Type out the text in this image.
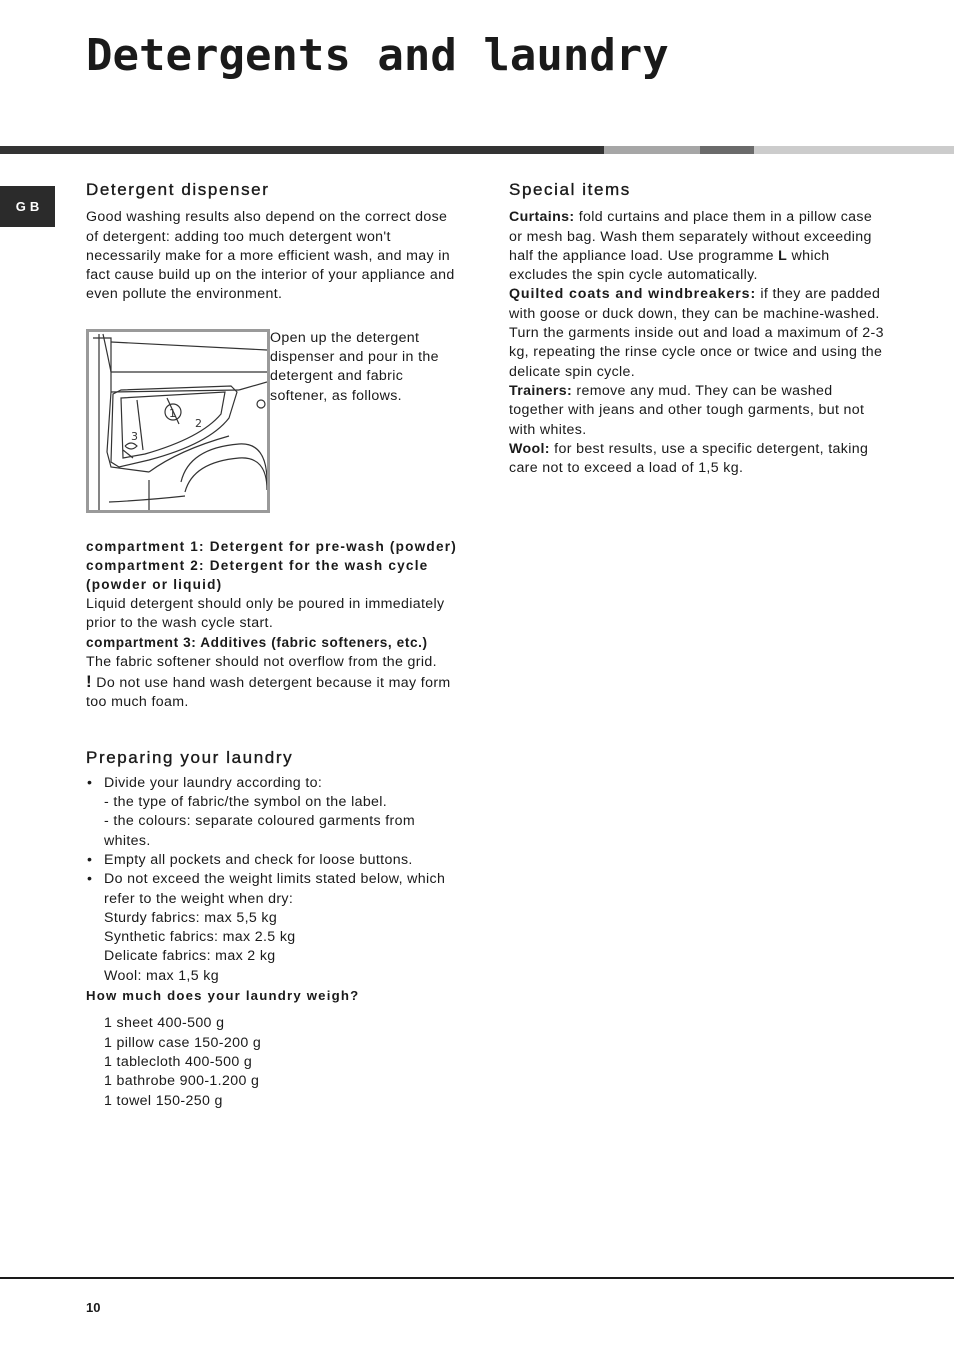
Detergents and laundry
GB
Detergent dispenser

Good washing results also depend on the correct dose of detergent: adding too much detergent won't necessarily make for a more efficient wash, and may in fact cause build up on the interior of your appliance and even pollute the environment.

1
2
3

Open up the detergent dispenser and pour in the detergent and fabric softener, as follows.

compartment 1: Detergent for pre-wash (powder)

compartment 2: Detergent for the wash cycle (powder or liquid)

Liquid detergent should only be poured in immediately prior to the wash cycle start.

compartment 3: Additives (fabric softeners, etc.)

The fabric softener should not overflow from the grid.

! Do not use hand wash detergent because it may form too much foam.

Preparing your laundry
• Divide your laundry according to:
- the type of fabric/the symbol on the label.
- the colours: separate coloured garments from whites.
• Empty all pockets and check for loose buttons.
• Do not exceed the weight limits stated below, which refer to the weight when dry:
Sturdy fabrics: max 5,5 kg
Synthetic fabrics: max 2.5 kg
Delicate fabrics: max 2 kg
Wool: max 1,5 kg

How much does your laundry weigh?

1 sheet 400-500 g

1 pillow case 150-200 g

1 tablecloth 400-500 g

1 bathrobe 900-1.200 g

1 towel 150-250 g

Special items

Curtains: fold curtains and place them in a pillow case or mesh bag. Wash them separately without exceeding half the appliance load. Use programme L which excludes the spin cycle automatically.

Quilted coats and windbreakers: if they are padded with goose or duck down, they can be machine-washed. Turn the garments inside out and load a maximum of 2-3 kg, repeating the rinse cycle once or twice and using the delicate spin cycle.

Trainers: remove any mud. They can be washed together with jeans and other tough garments, but not with whites.

Wool: for best results, use a specific detergent, taking care not to exceed a load of 1,5 kg.

10
